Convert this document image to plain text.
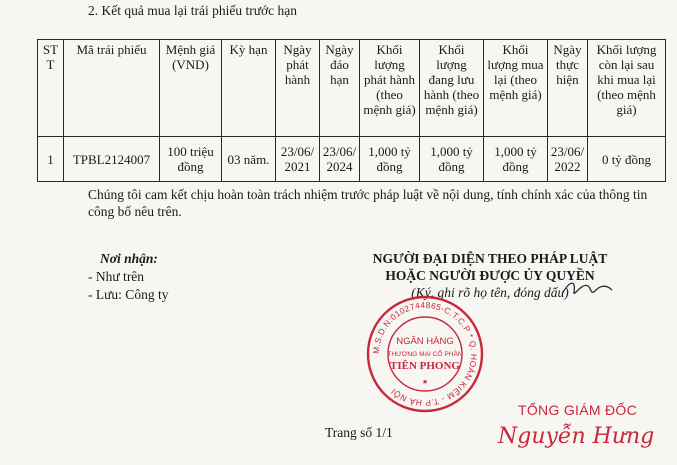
2. Kết quả mua lại trái phiếu trước hạn
ST T	Mã trái phiếu	Mệnh giá (VND)	Kỳ hạn	Ngày phát hành	Ngày đáo hạn	Khối lượng phát hành (theo mệnh giá)	Khối lượng đang lưu hành (theo mệnh giá)	Khối lượng mua lại (theo mệnh giá)	Ngày thực hiện	Khối lượng còn lại sau khi mua lại (theo mệnh giá)
1	TPBL2124007	100 triệu đồng	03 năm.	23/06/ 2021	23/06/ 2024	1,000 tỷ đồng	1,000 tỷ đồng	1,000 tỷ đồng	23/06/ 2022	0 tỷ đồng
Chúng tôi cam kết chịu hoàn toàn trách nhiệm trước pháp luật về nội dung, tính chính xác của thông tin công bố nêu trên.
Nơi nhận:
- Như trên
- Lưu: Công ty
NGƯỜI ĐẠI DIỆN THEO PHÁP LUẬT
HOẶC NGƯỜI ĐƯỢC ỦY QUYỀN
(Ký, ghi rõ họ tên, đóng dấu)
M.S.D.N:0102744865-C.T.C.P * Q. HOÀN KIẾM - T.P HÀ NỘI
NGÂN HÀNG
THƯƠNG MẠI CỔ PHẦN
TIÊN PHONG
★
TỔNG GIÁM ĐỐC
Nguyễn Hưng
Trang số 1/1
